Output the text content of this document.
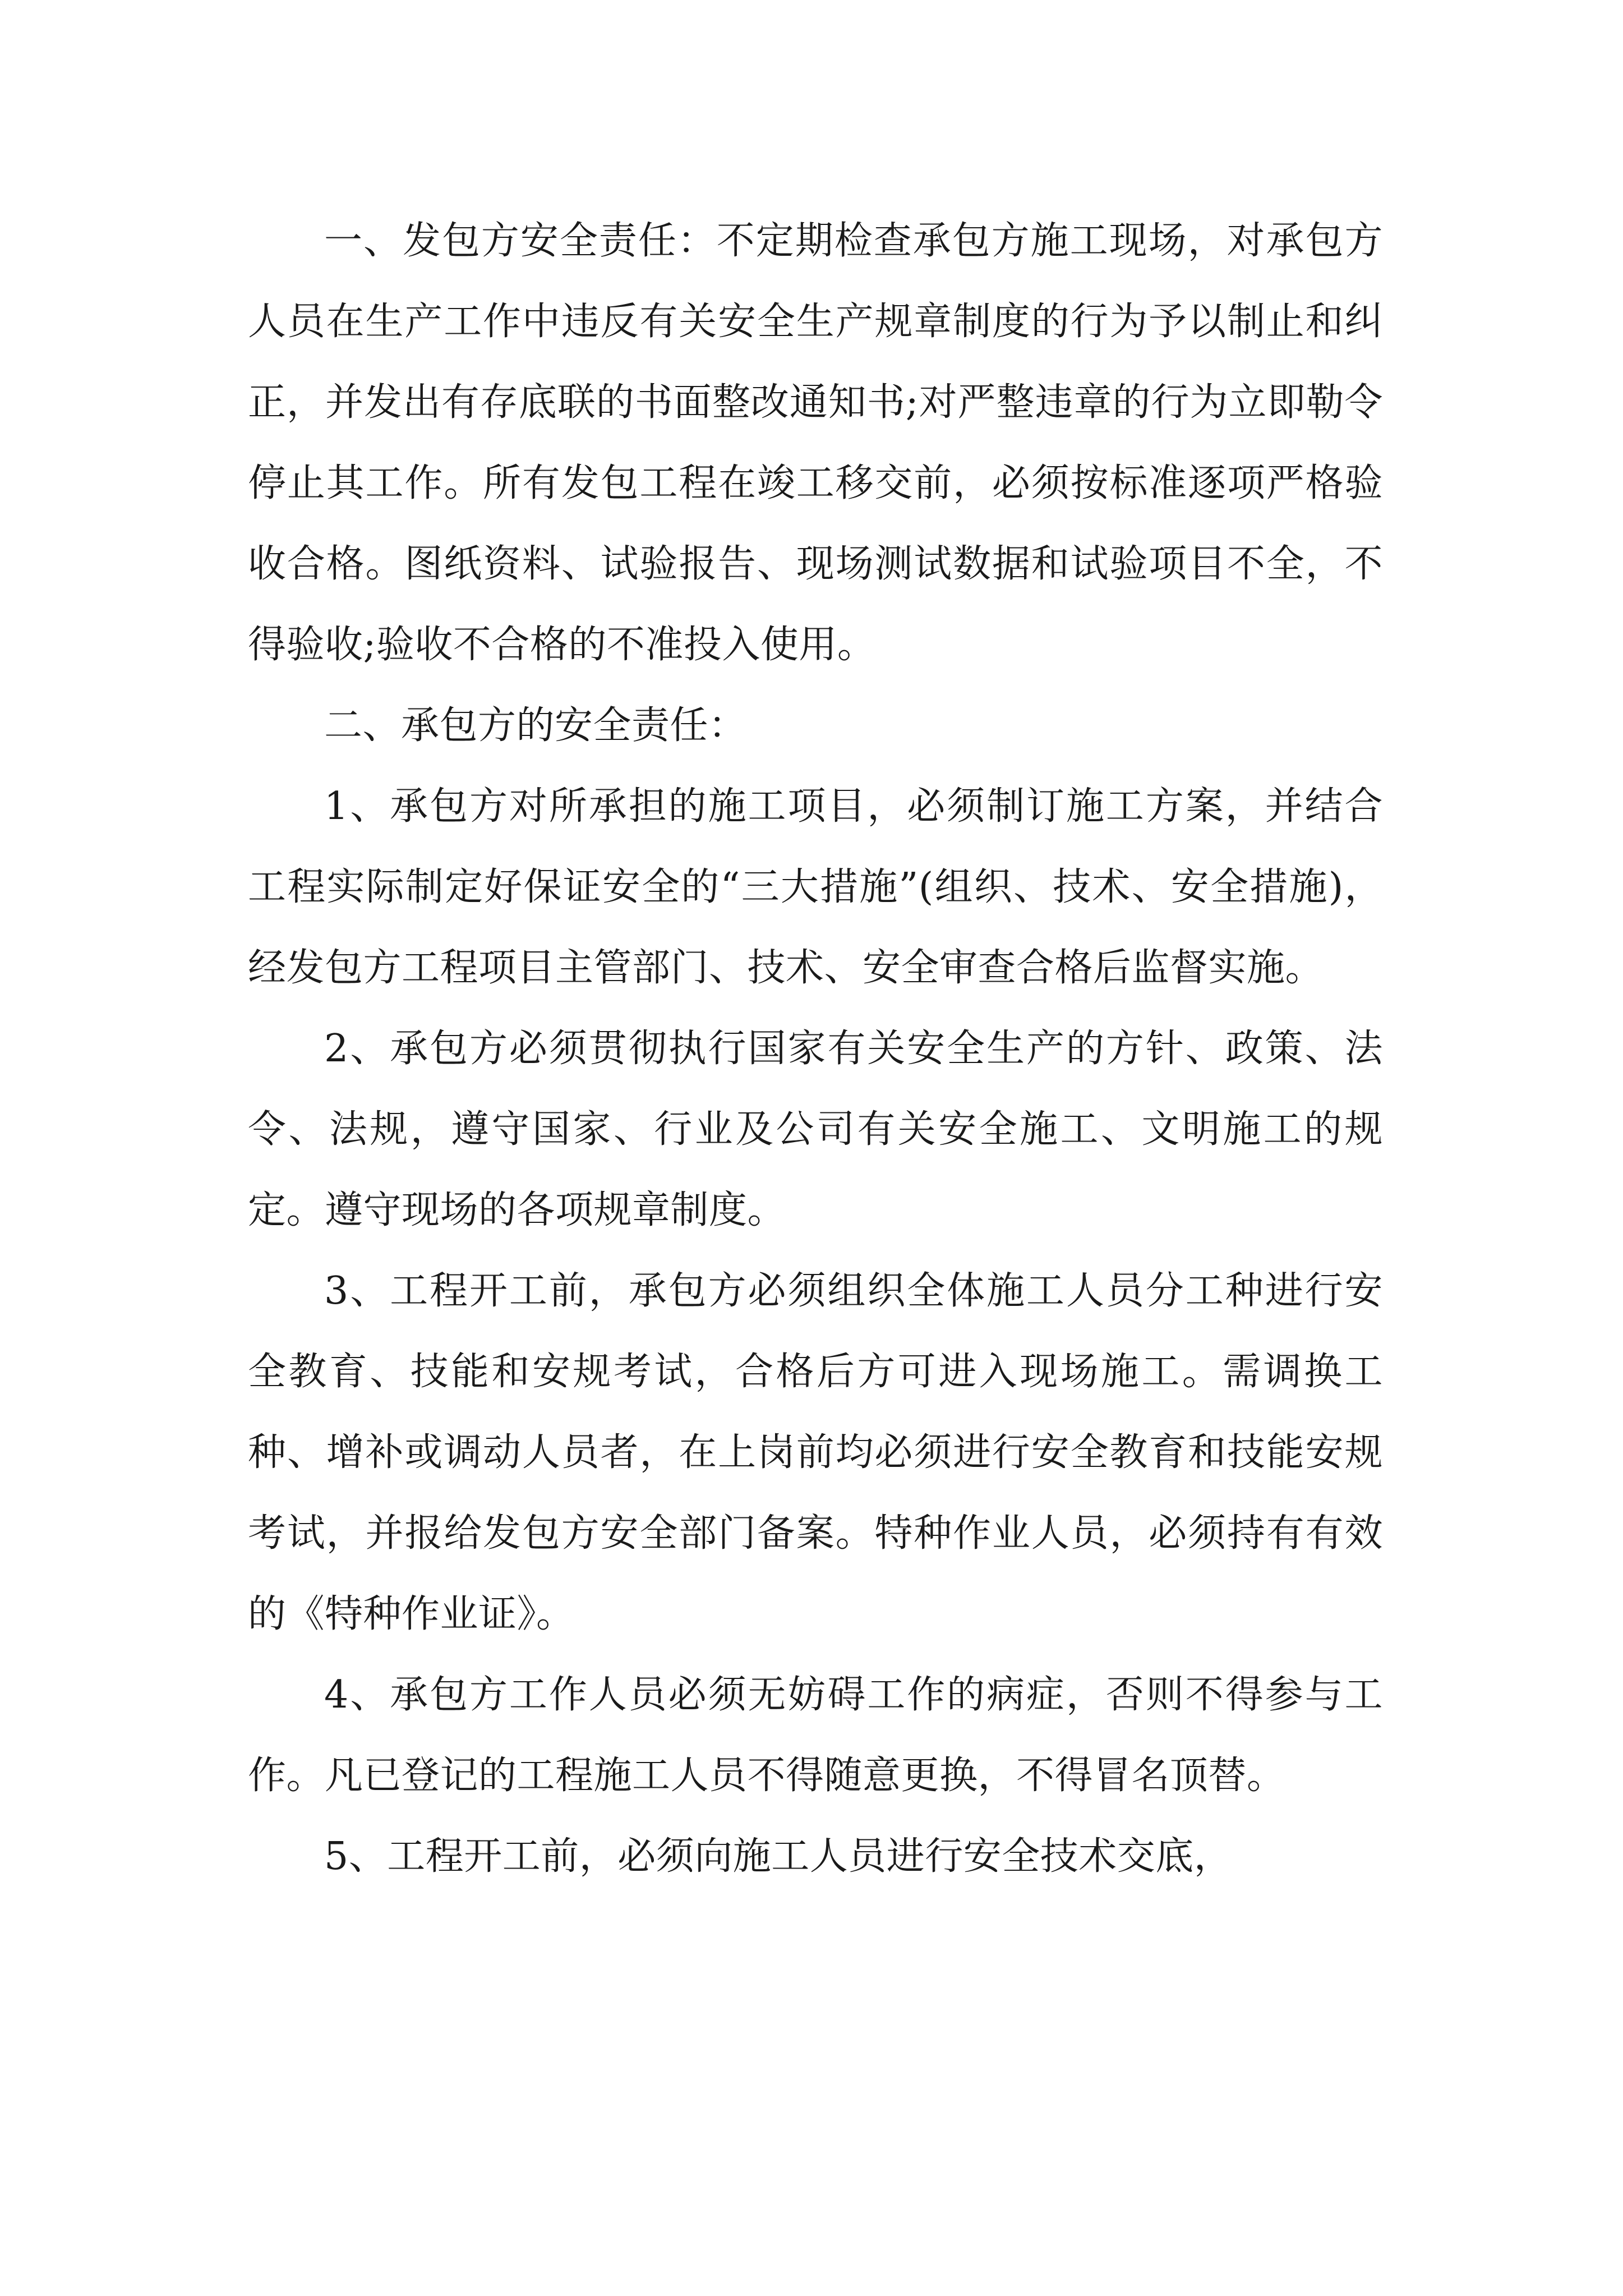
一、发包方安全责任：不定期检查承包方施工现场，对承包方人员在生产工作中违反有关安全生产规章制度的行为予以制止和纠正，并发出有存底联的书面整改通知书;对严整违章的行为立即勒令停止其工作。所有发包工程在竣工移交前，必须按标准逐项严格验收合格。图纸资料、试验报告、现场测试数据和试验项目不全，不得验收;验收不合格的不准投入使用。

二、承包方的安全责任：

1、承包方对所承担的施工项目，必须制订施工方案，并结合工程实际制定好保证安全的“三大措施”(组织、技术、安全措施)，经发包方工程项目主管部门、技术、安全审查合格后监督实施。

2、承包方必须贯彻执行国家有关安全生产的方针、政策、法令、法规，遵守国家、行业及公司有关安全施工、文明施工的规定。遵守现场的各项规章制度。

3、工程开工前，承包方必须组织全体施工人员分工种进行安全教育、技能和安规考试，合格后方可进入现场施工。需调换工种、增补或调动人员者，在上岗前均必须进行安全教育和技能安规考试，并报给发包方安全部门备案。特种作业人员，必须持有有效的《特种作业证》。

4、承包方工作人员必须无妨碍工作的病症，否则不得参与工作。凡已登记的工程施工人员不得随意更换，不得冒名顶替。

5、工程开工前，必须向施工人员进行安全技术交底，
